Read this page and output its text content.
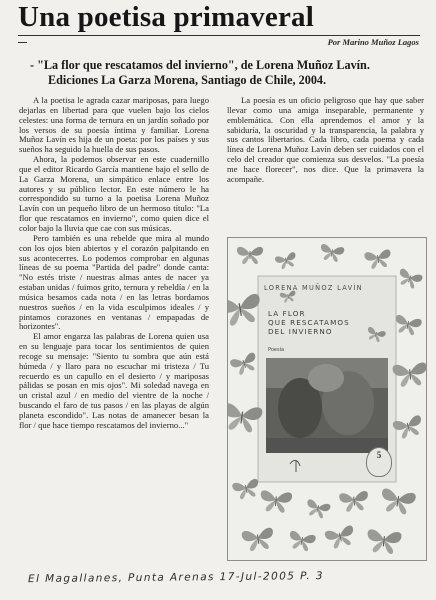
Una poetisa primaveral
Por Marino Muñoz Lagos
- "La flor que rescatamos del invierno", de Lorena Muñoz Lavín.
Ediciones La Garza Morena, Santiago de Chile, 2004.

A la poetisa le agrada cazar mariposas, para luego dejarlas en libertad para que vuelen bajo los cielos celestes: una forma de ternura en un jardín soñado por los versos de su poesía íntima y familiar. Lorena Muñoz Lavín es hija de un poeta: por los países y sus sueños ha seguido la huella de sus pasos.

Ahora, la podemos observar en este cuadernillo que el editor Ricardo García mantiene bajo el sello de La Garza Morena, un simpático enlace entre los autores y su público lector. En este número le ha correspondido su turno a la poetisa Lorena Muñoz Lavín con un pequeño libro de un hermoso título: "La flor que rescatamos en invierno", como quien dice el color bajo la lluvia que cae con sus músicas.

Pero también es una rebelde que mira al mundo con los ojos bien abiertos y el corazón palpitando en sus acontecerres. Lo podemos comprobar en algunas líneas de su poema "Partida del padre" donde canta: "No estés triste / nuestras almas antes de nacer ya estaban unidas / fuimos grito, ternura y rebeldía / en la música besamos cada nota / en las letras bordamos nuestros sueños / en la vida esculpimos ideales / y pintamos corazones en ventanas / empapadas de horizontes".

El amor engarza las palabras de Lorena quien usa en su lenguaje para tocar los sentimientos de quien recoge su mensaje: "Siento tu sombra que aún está húmeda / y llaro para no escuchar mi tristeza / Tu recuerdo es un capullo en el desierto / y mariposas pálidas se posan en mis ojos". Mi soledad navega en un cristal azul / en medio del vientre de la noche / buscando el faro de tus pasos / en las playas de algún planeta escondido". Las notas de amanecer besan la flor / que hace tiempo rescatamos del invierno..."

La poesía es un oficio peligroso que hay que saber llevar como una amiga inseparable, permanente y emblemática. Con ella aprendemos el amor y la sabiduría, la oscuridad y la transparencia, la palabra y sus cantos libertarios. Cada libro, cada poema y cada línea de Lorena Muñoz Lavín deben ser cuidados con el celo del creador que comienza sus desvelos. "La poesía me hace florecer", nos dice. Que la primavera la acompañe.

LORENA MUÑOZ LAVÍN
LA FLOR
QUE RESCATAMOS
DEL INVIERNO
Poesía
5
El Magallanes, Punta Arenas 17-Jul-2005 P. 3
